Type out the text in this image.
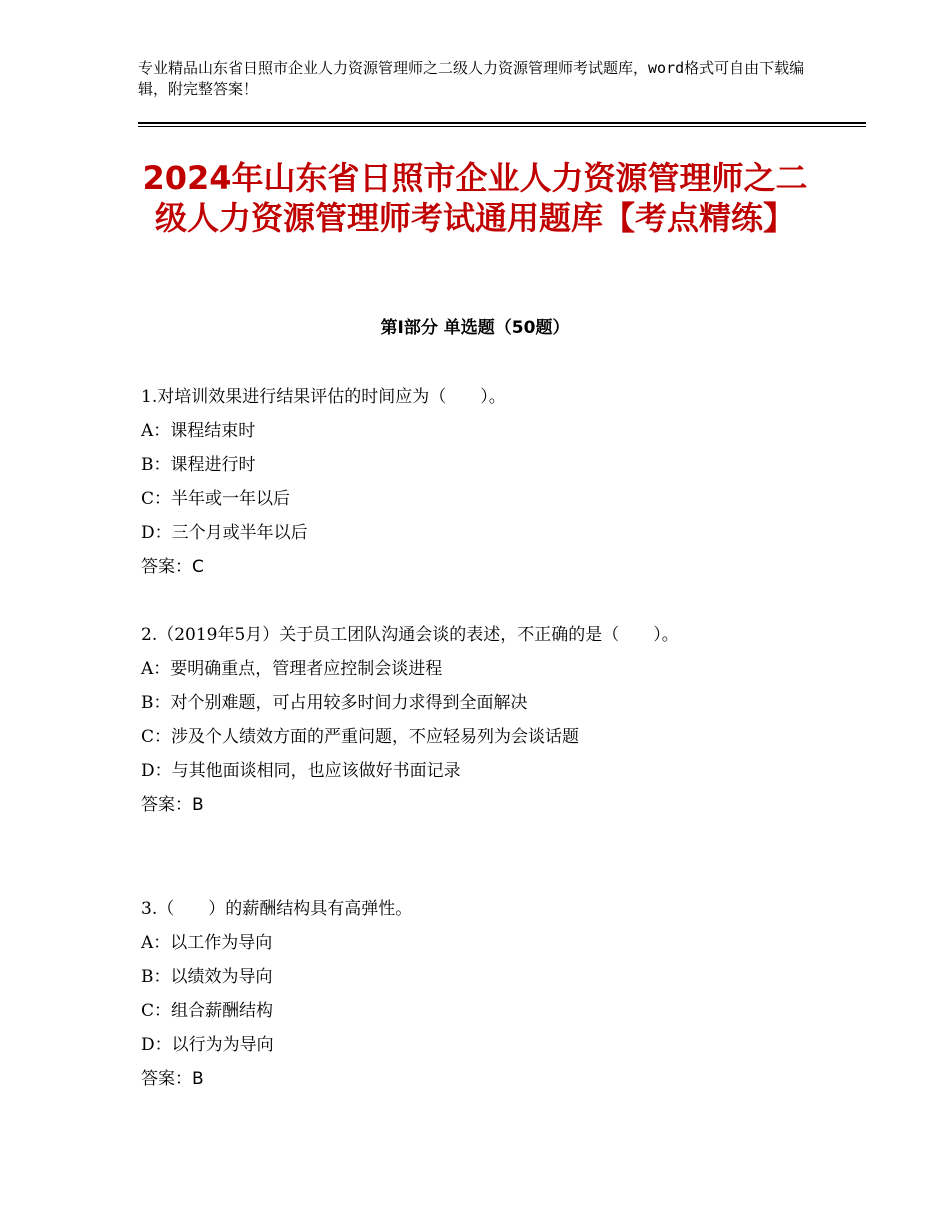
专业精品山东省日照市企业人力资源管理师之二级人力资源管理师考试题库，word格式可自由下载编辑，附完整答案！
2024年山东省日照市企业人力资源管理师之二级人力资源管理师考试通用题库【考点精练】
第Ⅰ部分 单选题（50题）

1.对培训效果进行结果评估的时间应为（　　）。

A：课程结束时

B：课程进行时

C：半年或一年以后

D：三个月或半年以后

答案：C

2.（2019年5月）关于员工团队沟通会谈的表述，不正确的是（　　）。

A：要明确重点，管理者应控制会谈进程

B：对个别难题，可占用较多时间力求得到全面解决

C：涉及个人绩效方面的严重问题，不应轻易列为会谈话题

D：与其他面谈相同，也应该做好书面记录

答案：B

3.（　　）的薪酬结构具有高弹性。

A：以工作为导向

B：以绩效为导向

C：组合薪酬结构

D：以行为为导向

答案：B
